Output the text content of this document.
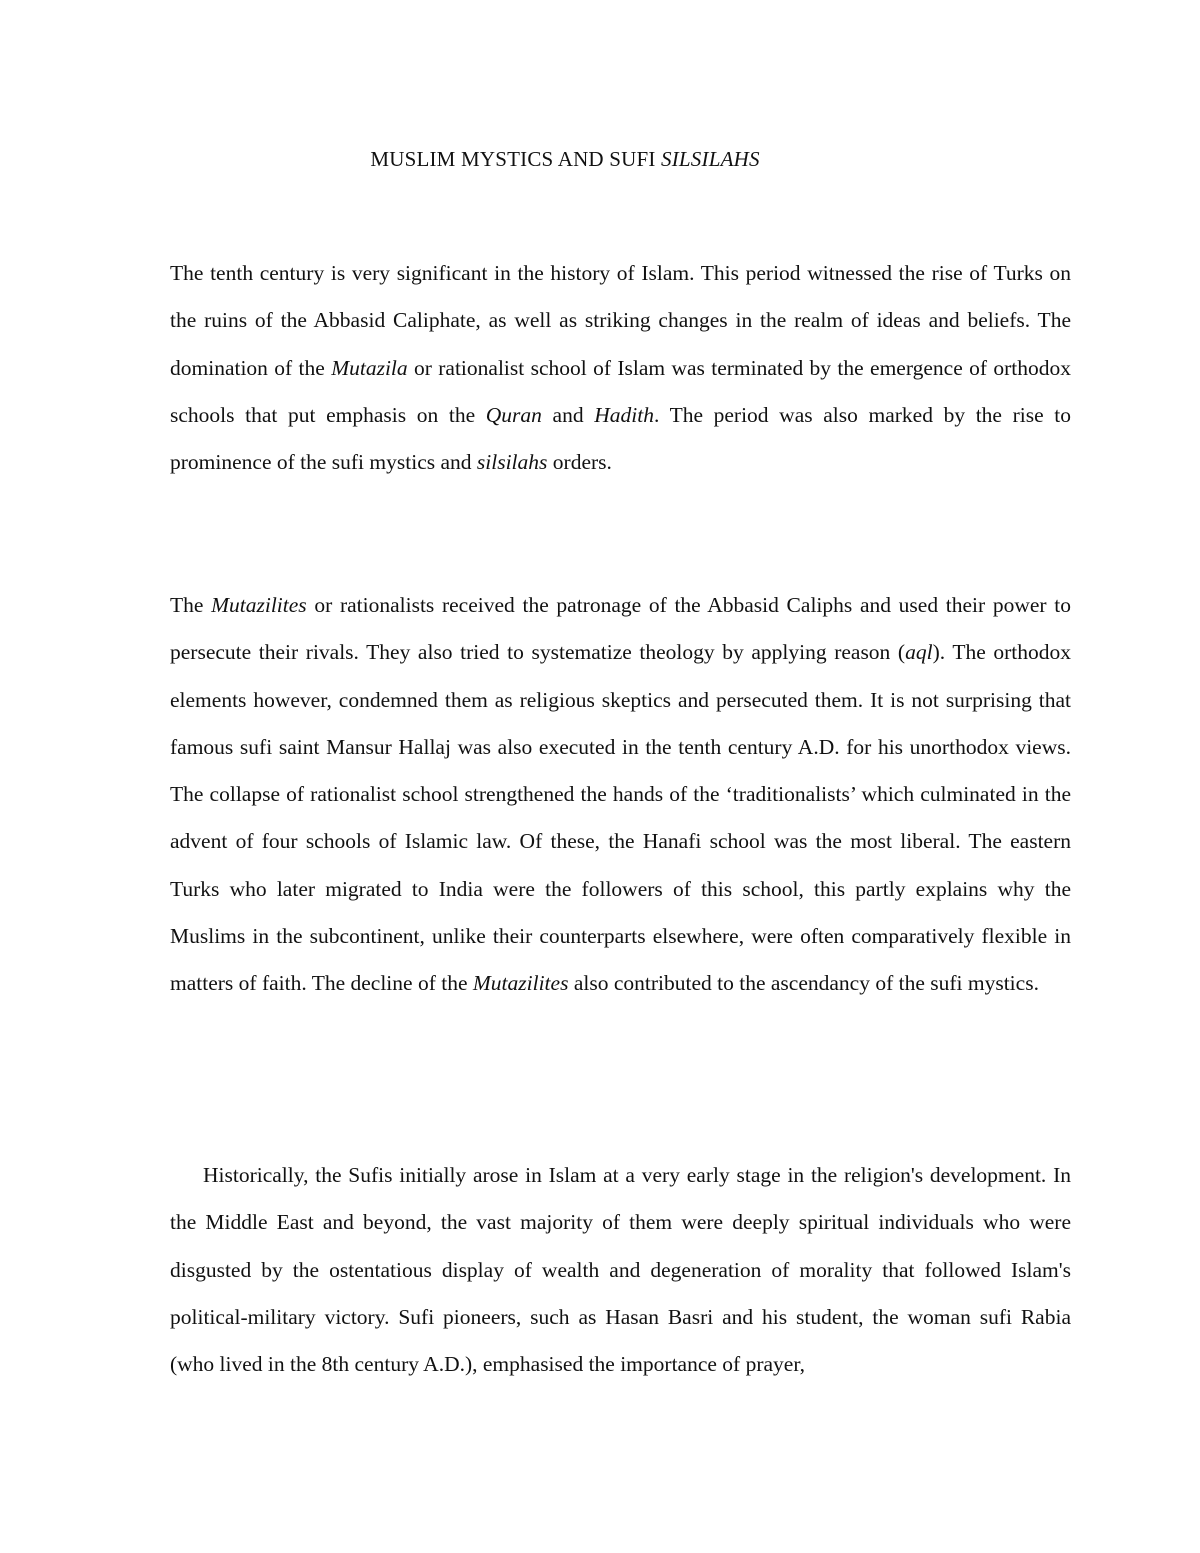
MUSLIM MYSTICS AND SUFI SILSILAHS

The tenth century is very significant in the history of Islam. This period witnessed the rise of Turks on the ruins of the Abbasid Caliphate, as well as striking changes in the realm of ideas and beliefs. The domination of the Mutazila or rationalist school of Islam was terminated by the emergence of orthodox schools that put emphasis on the Quran and Hadith. The period was also marked by the rise to prominence of the sufi mystics and silsilahs orders.

The Mutazilites or rationalists received the patronage of the Abbasid Caliphs and used their power to persecute their rivals. They also tried to systematize theology by applying reason (aql). The orthodox elements however, condemned them as religious skeptics and persecuted them. It is not surprising that famous sufi saint Mansur Hallaj was also executed in the tenth century A.D. for his unorthodox views. The collapse of rationalist school strengthened the hands of the ‘traditionalists’ which culminated in the advent of four schools of Islamic law. Of these, the Hanafi school was the most liberal. The eastern Turks who later migrated to India were the followers of this school, this partly explains why the Muslims in the subcontinent, unlike their counterparts elsewhere, were often comparatively flexible in matters of faith. The decline of the Mutazilites also contributed to the ascendancy of the sufi mystics.

Historically, the Sufis initially arose in Islam at a very early stage in the religion's development. In the Middle East and beyond, the vast majority of them were deeply spiritual individuals who were disgusted by the ostentatious display of wealth and degeneration of morality that followed Islam's political-military victory. Sufi pioneers, such as Hasan Basri and his student, the woman sufi Rabia (who lived in the 8th century A.D.), emphasised the importance of prayer,
